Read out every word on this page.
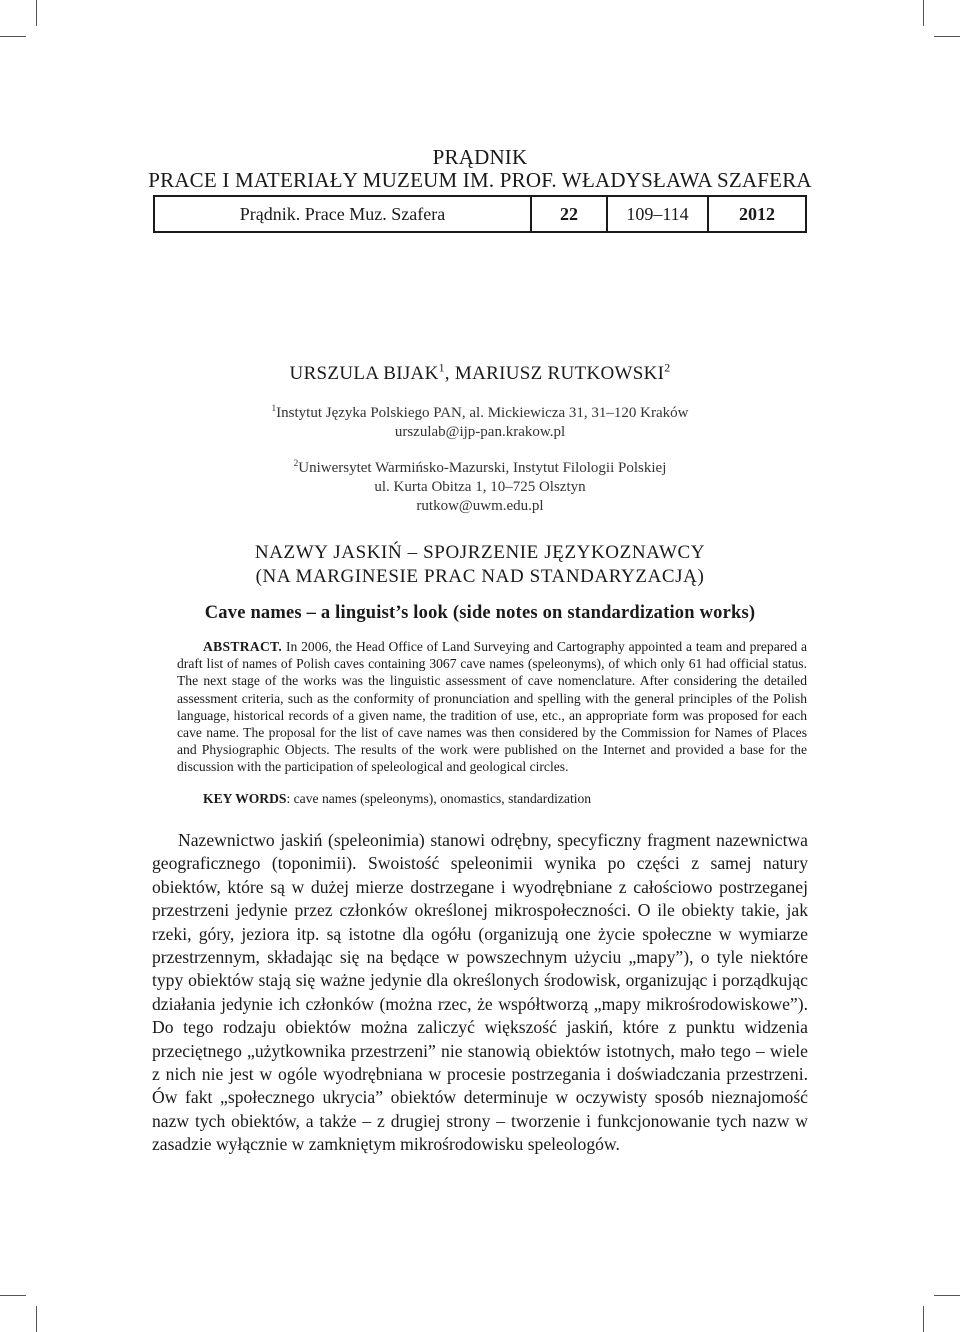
PRĄDNIK
PRACE I MATERIAŁY MUZEUM IM. PROF. WŁADYSŁAWA SZAFERA
Prądnik. Prace Muz. Szafera	22	109–114	2012
URSZULA BIJAK$^1$, MARIUSZ RUTKOWSKI$^2$
$^1$Instytut Języka Polskiego PAN, al. Mickiewicza 31, 31–120 Kraków
urszulab@ijp-pan.krakow.pl
$^2$Uniwersytet Warmińsko-Mazurski, Instytut Filologii Polskiej
ul. Kurta Obitza 1, 10–725 Olsztyn
rutkow@uwm.edu.pl
NAZWY JASKIŃ – SPOJRZENIE JĘZYKOZNAWCY
(NA MARGINESIE PRAC NAD STANDARYZACJĄ)
Cave names – a linguist’s look (side notes on standardization works)

ABSTRACT. In 2006, the Head Office of Land Surveying and Cartography appointed a team and prepared a draft list of names of Polish caves containing 3067 cave names (speleonyms), of which only 61 had official status. The next stage of the works was the linguistic assessment of cave nomenclature. After considering the detailed assessment criteria, such as the conformity of pronunciation and spelling with the general principles of the Polish language, historical records of a given name, the tradition of use, etc., an appropriate form was proposed for each cave name. The proposal for the list of cave names was then considered by the Commission for Names of Places and Physiographic Objects. The results of the work were published on the Internet and provided a base for the discussion with the participation of speleological and geological circles.

KEY WORDS: cave names (speleonyms), onomastics, standardization

Nazewnictwo jaskiń (speleonimia) stanowi odrębny, specyficzny fragment nazewnictwa geograficznego (toponimii). Swoistość speleonimii wynika po części z samej natury obiektów, które są w dużej mierze dostrzegane i wyodrębniane z całościowo postrzeganej przestrzeni jedynie przez członków określonej mikrospołeczności. O ile obiekty takie, jak rzeki, góry, jeziora itp. są istotne dla ogółu (organizują one życie społeczne w wymiarze przestrzennym, składając się na będące w powszechnym użyciu „mapy”), o tyle niektóre typy obiektów stają się ważne jedynie dla określonych środowisk, organizując i porządkując działania jedynie ich członków (można rzec, że współtworzą „mapy mikrośrodowiskowe”). Do tego rodzaju obiektów można zaliczyć większość jaskiń, które z punktu widzenia przeciętnego „użytkownika przestrzeni” nie stanowią obiektów istotnych, mało tego – wiele z nich nie jest w ogóle wyodrębniana w procesie postrzegania i doświadczania przestrzeni. Ów fakt „społecznego ukrycia” obiektów determinuje w oczywisty sposób nieznajomość nazw tych obiektów, a także – z drugiej strony – tworzenie i funkcjonowanie tych nazw w zasadzie wyłącznie w zamkniętym mikrośrodowisku speleologów.
